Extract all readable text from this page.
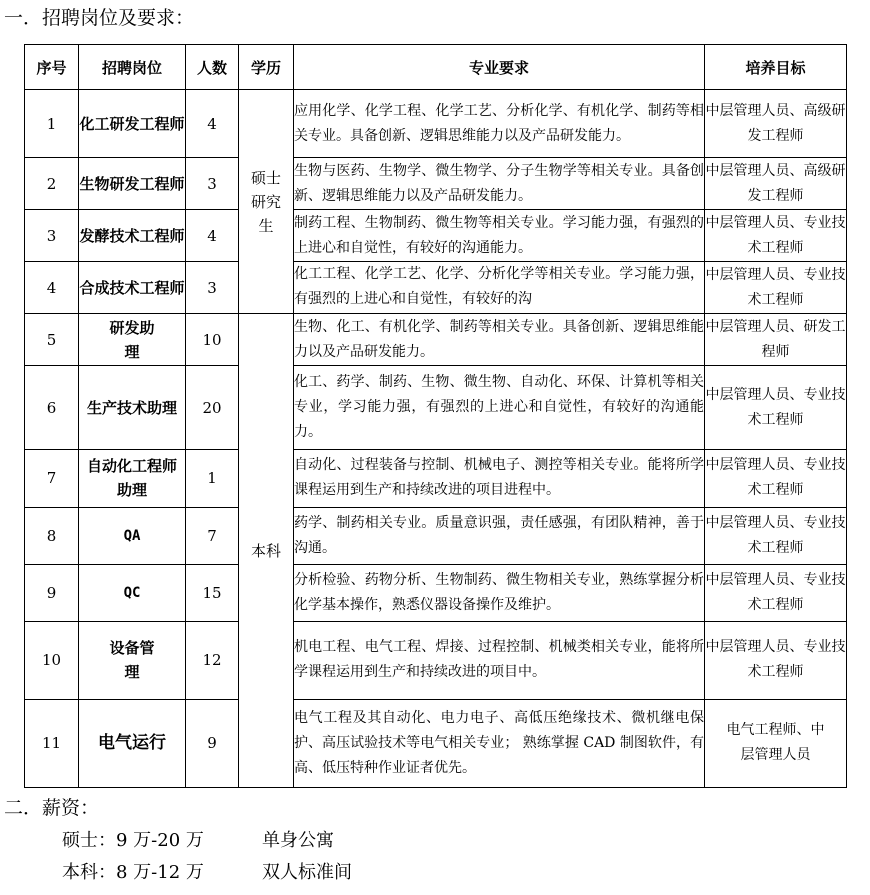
一．招聘岗位及要求：
序号	招聘岗位	人数	学历	专业要求	培养目标
1	化工研发工程师	4	硕士研究生	应用化学、化学工程、化学工艺、分析化学、有机化学、制药等相关专业。具备创新、逻辑思维能力以及产品研发能力。	中层管理人员、高级研发工程师
2	生物研发工程师	3		生物与医药、生物学、微生物学、分子生物学等相关专业。具备创新、逻辑思维能力以及产品研发能力。	中层管理人员、高级研发工程师
3	发酵技术工程师	4		制药工程、生物制药、微生物等相关专业。学习能力强，有强烈的上进心和自觉性，有较好的沟通能力。	中层管理人员、专业技术工程师
4	合成技术工程师	3		化工工程、化学工艺、化学、分析化学等相关专业。学习能力强，有强烈的上进心和自觉性，有较好的沟	中层管理人员、专业技术工程师
5	研发助理	10	本科	生物、化工、有机化学、制药等相关专业。具备创新、逻辑思维能力以及产品研发能力。	中层管理人员、研发工程师
6	生产技术助理	20		化工、药学、制药、生物、微生物、自动化、环保、计算机等相关专业，学习能力强，有强烈的上进心和自觉性，有较好的沟通能力。	中层管理人员、专业技术工程师
7	自动化工程师助理	1		自动化、过程装备与控制、机械电子、测控等相关专业。能将所学课程运用到生产和持续改进的项目进程中。	中层管理人员、专业技术工程师
8	QA	7		药学、制药相关专业。质量意识强，责任感强，有团队精神，善于沟通。	中层管理人员、专业技术工程师
9	QC	15		分析检验、药物分析、生物制药、微生物相关专业，熟练掌握分析化学基本操作，熟悉仪器设备操作及维护。	中层管理人员、专业技术工程师
10	设备管理	12		机电工程、电气工程、焊接、过程控制、机械类相关专业，能将所学课程运用到生产和持续改进的项目中。	中层管理人员、专业技术工程师
11	电气运行	9		电气工程及其自动化、电力电子、高低压绝缘技术、微机继电保护、高压试验技术等电气相关专业； 熟练掌握 CAD 制图软件，有高、低压特种作业证者优先。	电气工程师、中层管理人员
二．薪资：
硕士：9 万-20 万	单身公寓
本科：8 万-12 万	双人标准间
